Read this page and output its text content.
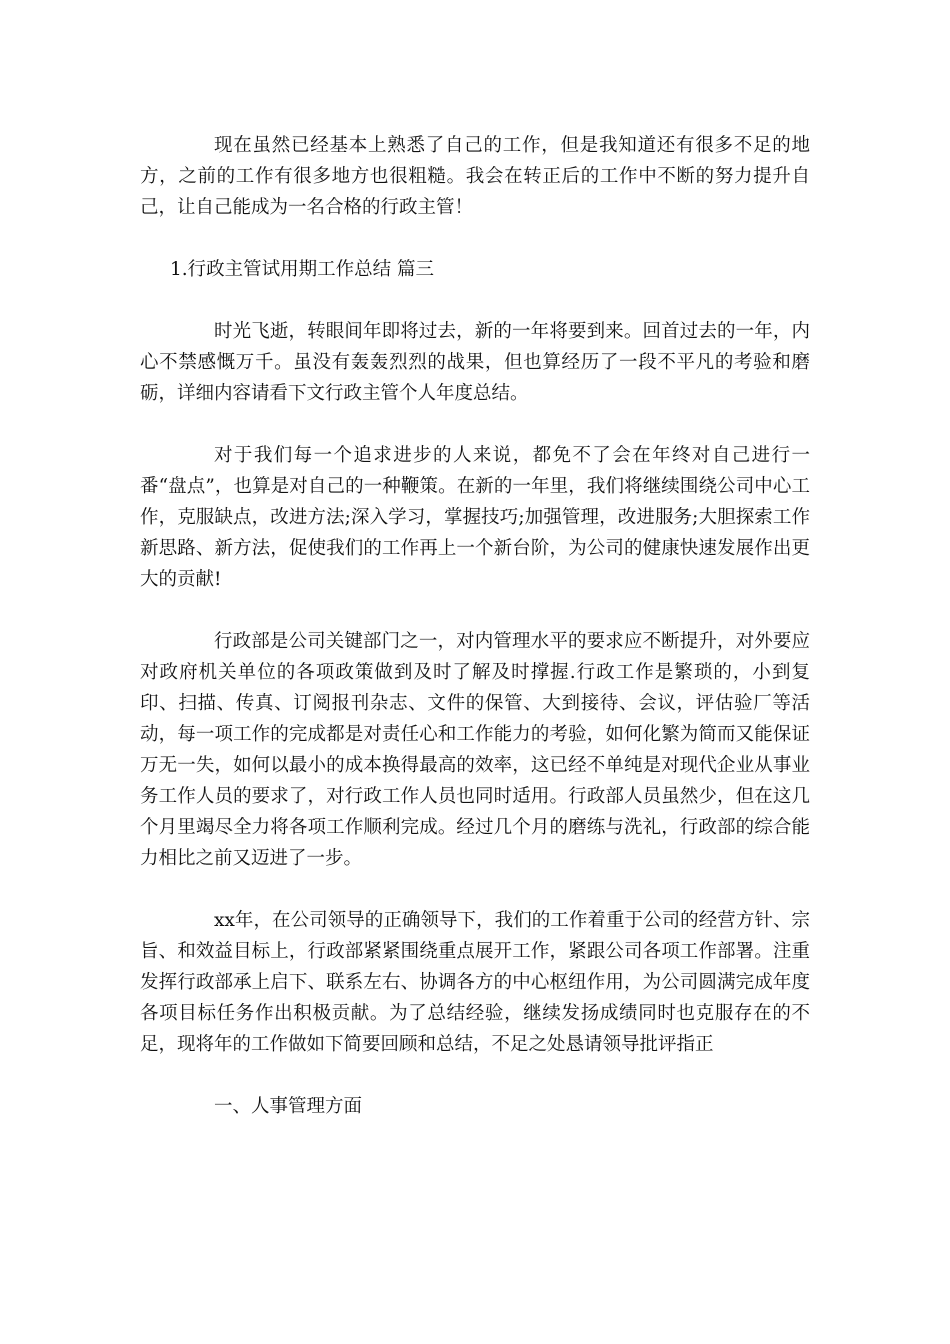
现在虽然已经基本上熟悉了自己的工作，但是我知道还有很多不足的地方，之前的工作有很多地方也很粗糙。我会在转正后的工作中不断的努力提升自己，让自己能成为一名合格的行政主管！

1.行政主管试用期工作总结 篇三

时光飞逝，转眼间年即将过去，新的一年将要到来。回首过去的一年，内心不禁感慨万千。虽没有轰轰烈烈的战果，但也算经历了一段不平凡的考验和磨砺，详细内容请看下文行政主管个人年度总结。

对于我们每一个追求进步的人来说，都免不了会在年终对自己进行一番“盘点”，也算是对自己的一种鞭策。在新的一年里，我们将继续围绕公司中心工作，克服缺点，改进方法;深入学习，掌握技巧;加强管理，改进服务;大胆探索工作新思路、新方法，促使我们的工作再上一个新台阶，为公司的健康快速发展作出更大的贡献!

行政部是公司关键部门之一，对内管理水平的要求应不断提升，对外要应对政府机关单位的各项政策做到及时了解及时撑握.行政工作是繁琐的，小到复印、扫描、传真、订阅报刊杂志、文件的保管、大到接待、会议，评估验厂等活动，每一项工作的完成都是对责任心和工作能力的考验，如何化繁为简而又能保证万无一失，如何以最小的成本换得最高的效率，这已经不单纯是对现代企业从事业务工作人员的要求了，对行政工作人员也同时适用。行政部人员虽然少，但在这几个月里竭尽全力将各项工作顺利完成。经过几个月的磨练与洗礼，行政部的综合能力相比之前又迈进了一步。

xx年，在公司领导的正确领导下，我们的工作着重于公司的经营方针、宗旨、和效益目标上，行政部紧紧围绕重点展开工作，紧跟公司各项工作部署。注重发挥行政部承上启下、联系左右、协调各方的中心枢纽作用，为公司圆满完成年度各项目标任务作出积极贡献。为了总结经验，继续发扬成绩同时也克服存在的不足，现将年的工作做如下简要回顾和总结，不足之处恳请领导批评指正

一、人事管理方面
